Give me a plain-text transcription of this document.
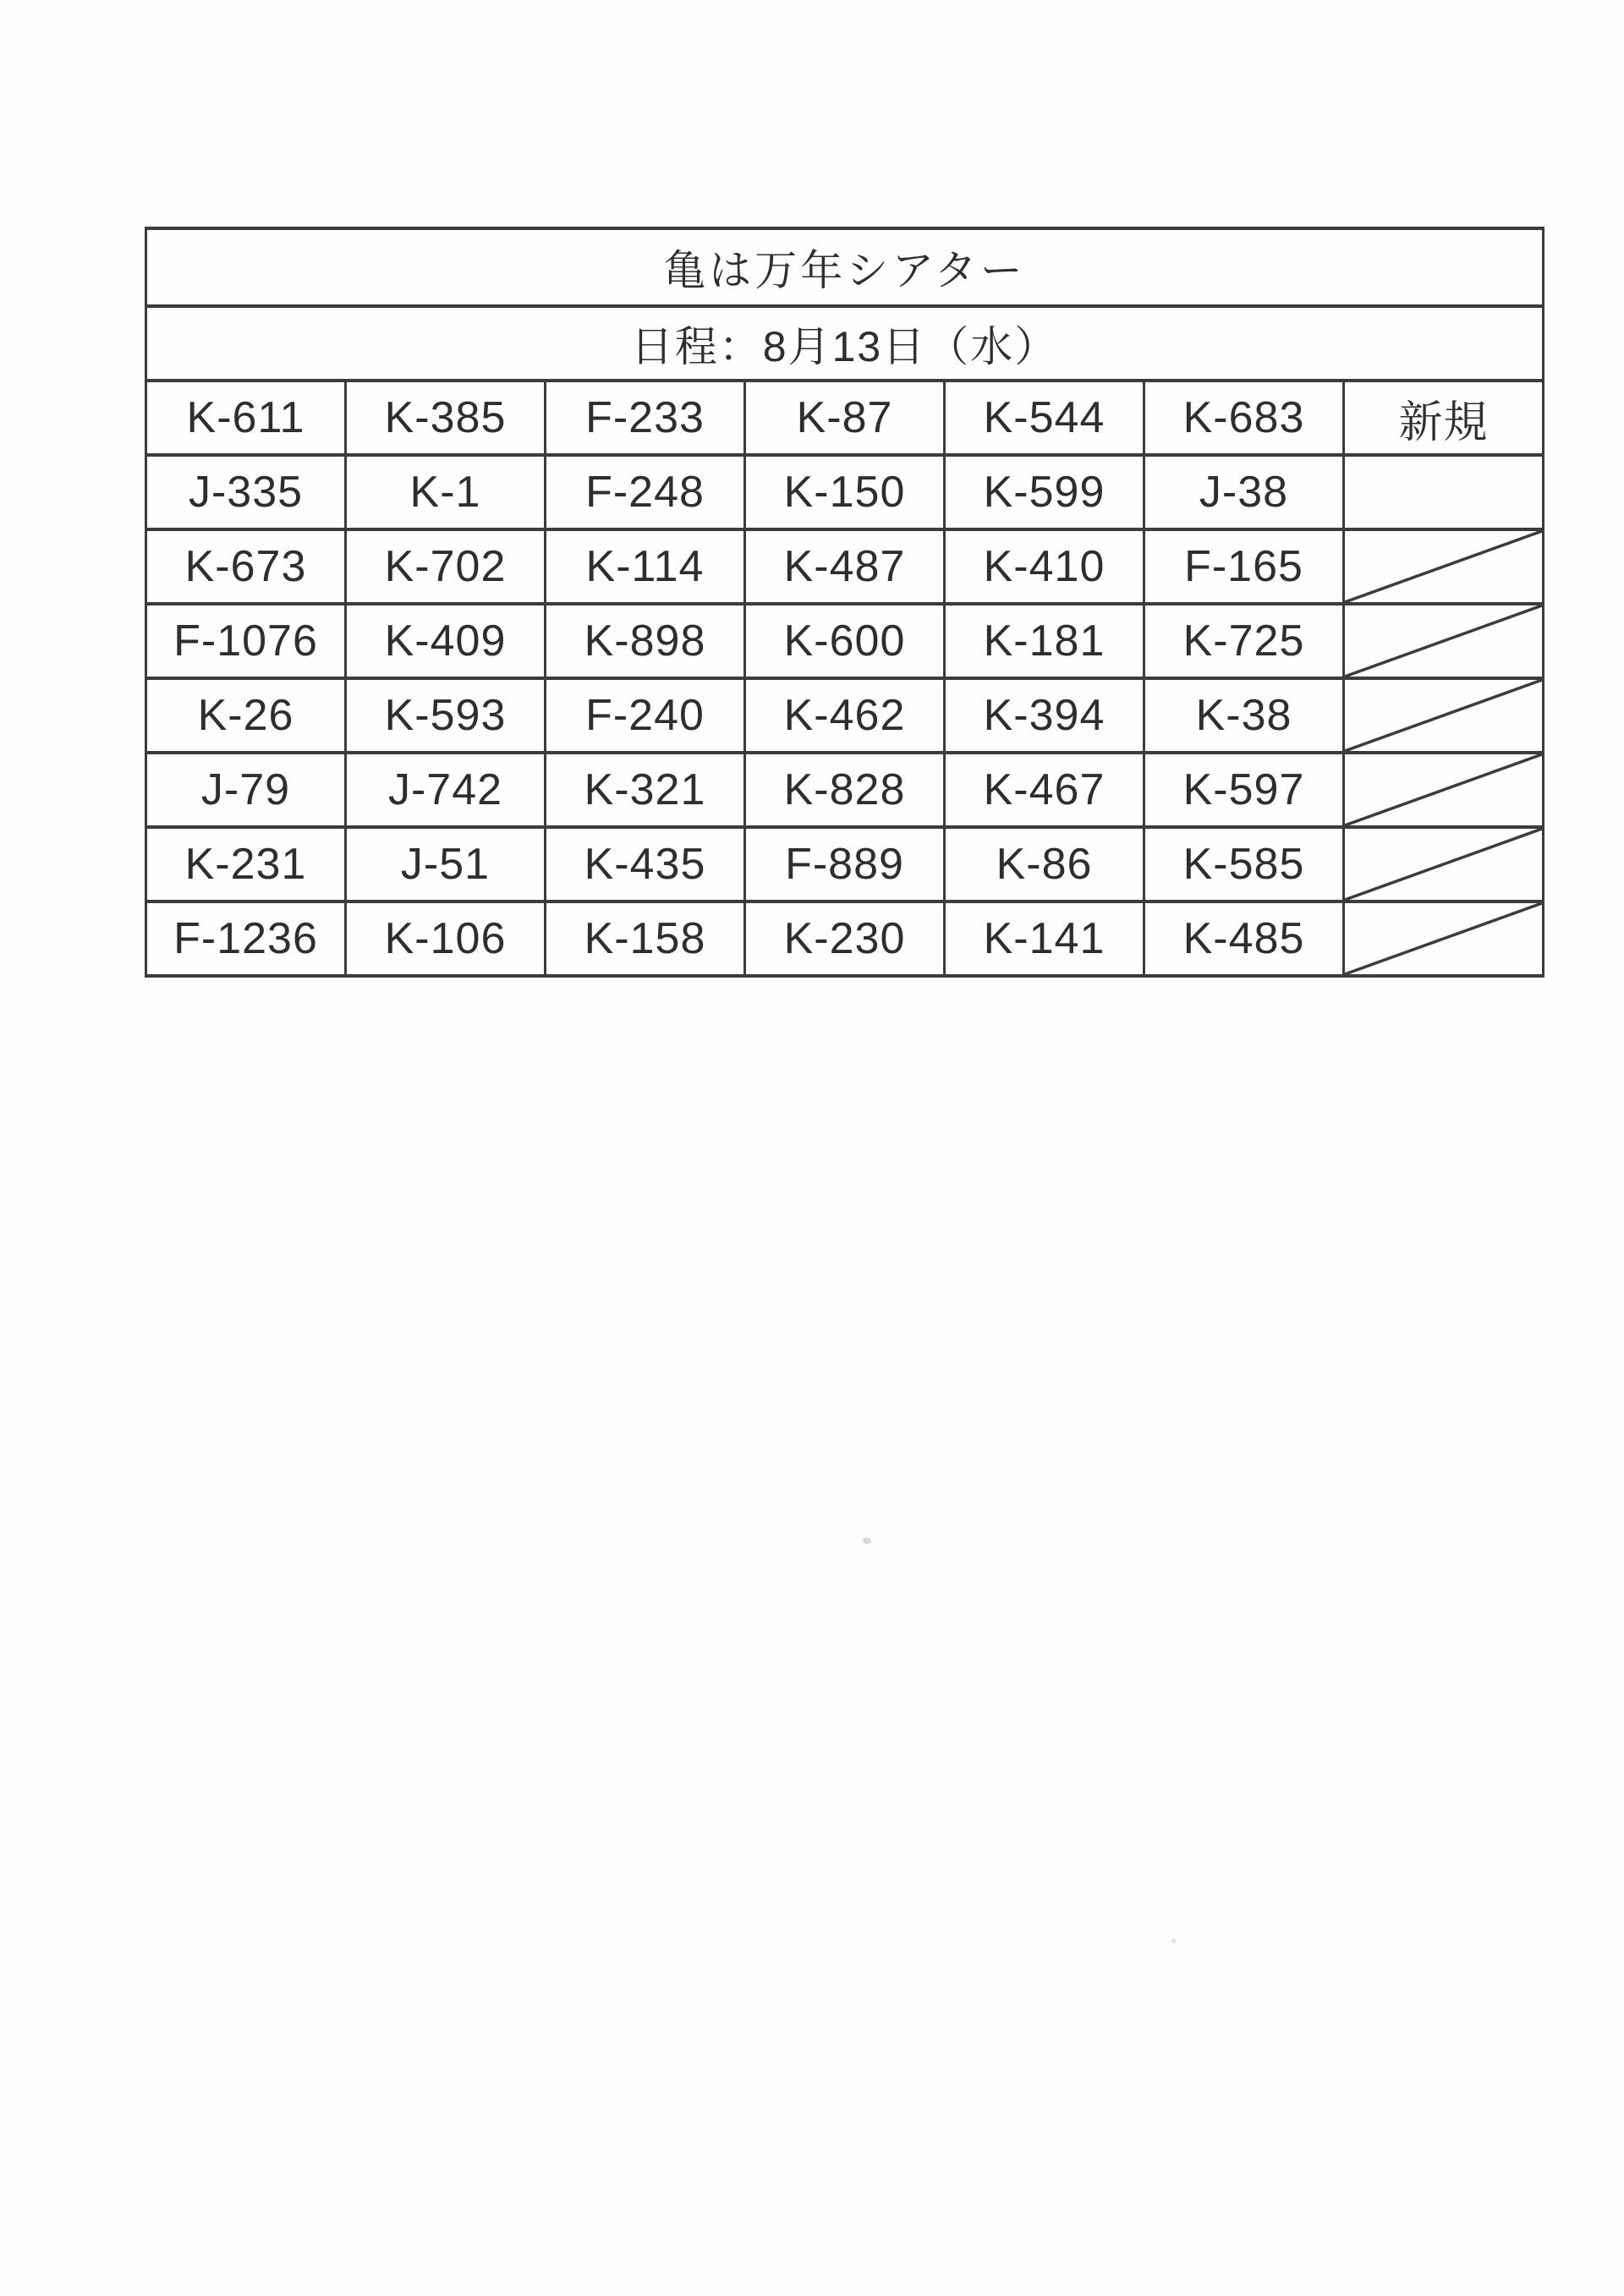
亀は万年シアター						
日程：8月13日（水）						
K-611	K-385	F-233	K-87	K-544	K-683	新規
J-335	K-1	F-248	K-150	K-599	J-38	
K-673	K-702	K-114	K-487	K-410	F-165	

F-1076	K-409	K-898	K-600	K-181	K-725	

K-26	K-593	F-240	K-462	K-394	K-38	

J-79	J-742	K-321	K-828	K-467	K-597	

K-231	J-51	K-435	F-889	K-86	K-585	

F-1236	K-106	K-158	K-230	K-141	K-485	
